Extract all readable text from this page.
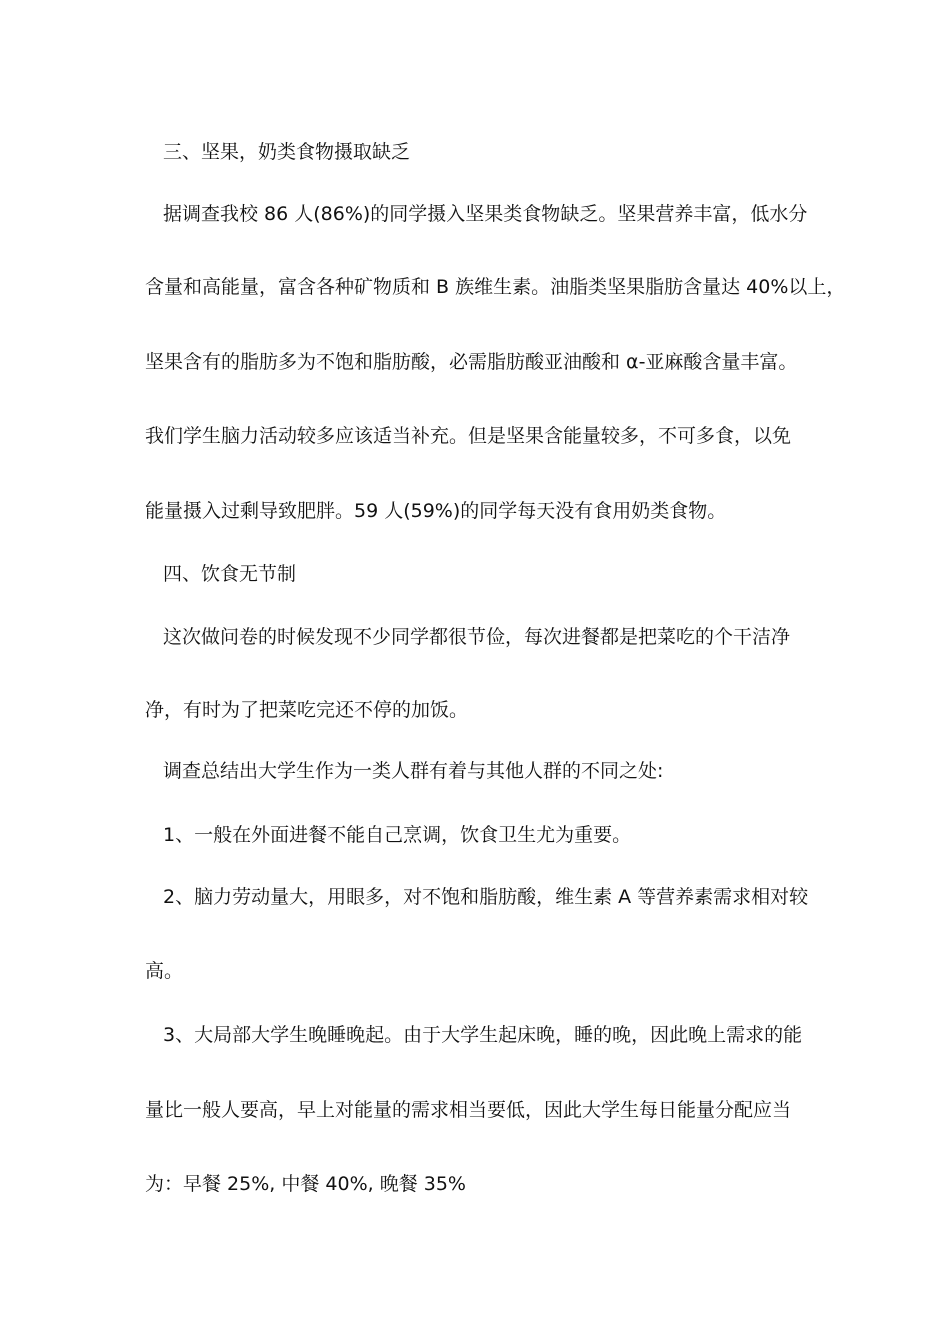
三、坚果，奶类食物摄取缺乏
据调查我校 86 人(86%)的同学摄入坚果类食物缺乏。坚果营养丰富，低水分
含量和高能量，富含各种矿物质和 B 族维生素。油脂类坚果脂肪含量达 40%以上，
坚果含有的脂肪多为不饱和脂肪酸，必需脂肪酸亚油酸和 α-亚麻酸含量丰富。
我们学生脑力活动较多应该适当补充。但是坚果含能量较多，不可多食，以免
能量摄入过剩导致肥胖。59 人(59%)的同学每天没有食用奶类食物。
四、饮食无节制
这次做问卷的时候发现不少同学都很节俭，每次进餐都是把菜吃的个干洁净
净，有时为了把菜吃完还不停的加饭。
调查总结出大学生作为一类人群有着与其他人群的不同之处:
1、一般在外面进餐不能自己烹调，饮食卫生尤为重要。
2、脑力劳动量大，用眼多，对不饱和脂肪酸，维生素 A 等营养素需求相对较
高。
3、大局部大学生晚睡晚起。由于大学生起床晚，睡的晚，因此晚上需求的能
量比一般人要高，早上对能量的需求相当要低，因此大学生每日能量分配应当
为：早餐 25%, 中餐 40%, 晚餐 35%
